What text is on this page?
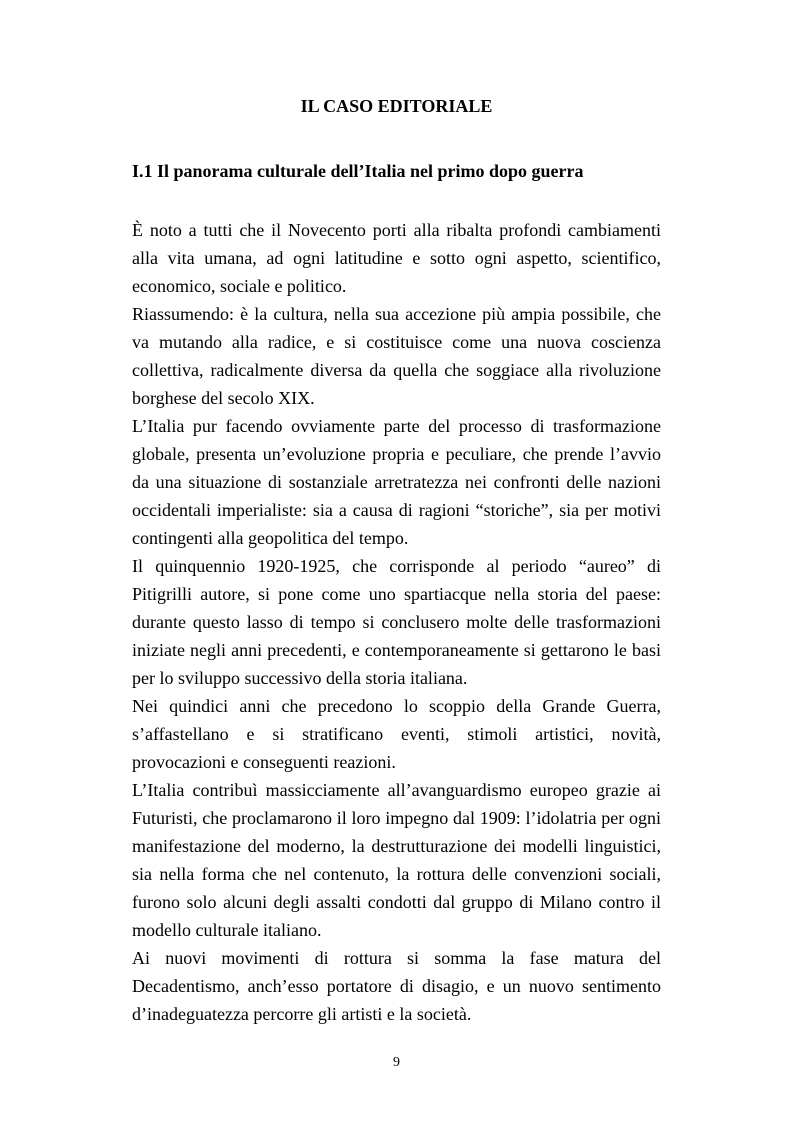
IL CASO EDITORIALE
I.1 Il panorama culturale dell’Italia nel primo dopo guerra

È noto a tutti che il Novecento porti alla ribalta profondi cambiamenti alla vita umana, ad ogni latitudine e sotto ogni aspetto, scientifico, economico, sociale e politico.

Riassumendo: è la cultura, nella sua accezione più ampia possibile, che va mutando alla radice, e si costituisce come una nuova coscienza collettiva, radicalmente diversa da quella che soggiace alla rivoluzione borghese del secolo XIX.

L’Italia pur facendo ovviamente parte del processo di trasformazione globale, presenta un’evoluzione propria e peculiare, che prende l’avvio da una situazione di sostanziale arretratezza nei confronti delle nazioni occidentali imperialiste: sia a causa di ragioni “storiche”, sia per motivi contingenti alla geopolitica del tempo.

Il quinquennio 1920-1925, che corrisponde al periodo “aureo” di Pitigrilli autore, si pone come uno spartiacque nella storia del paese: durante questo lasso di tempo si conclusero molte delle trasformazioni iniziate negli anni precedenti, e contemporaneamente si gettarono le basi per lo sviluppo successivo della storia italiana.

Nei quindici anni che precedono lo scoppio della Grande Guerra, s’affastellano e si stratificano eventi, stimoli artistici, novità, provocazioni e conseguenti reazioni.

L’Italia contribuì massicciamente all’avanguardismo europeo grazie ai Futuristi, che proclamarono il loro impegno dal 1909: l’idolatria per ogni manifestazione del moderno, la destrutturazione dei modelli linguistici, sia nella forma che nel contenuto, la rottura delle convenzioni sociali, furono solo alcuni degli assalti condotti dal gruppo di Milano contro il modello culturale italiano.

Ai nuovi movimenti di rottura si somma la fase matura del Decadentismo, anch’esso portatore di disagio, e un nuovo sentimento d’inadeguatezza percorre gli artisti e la società.

9
